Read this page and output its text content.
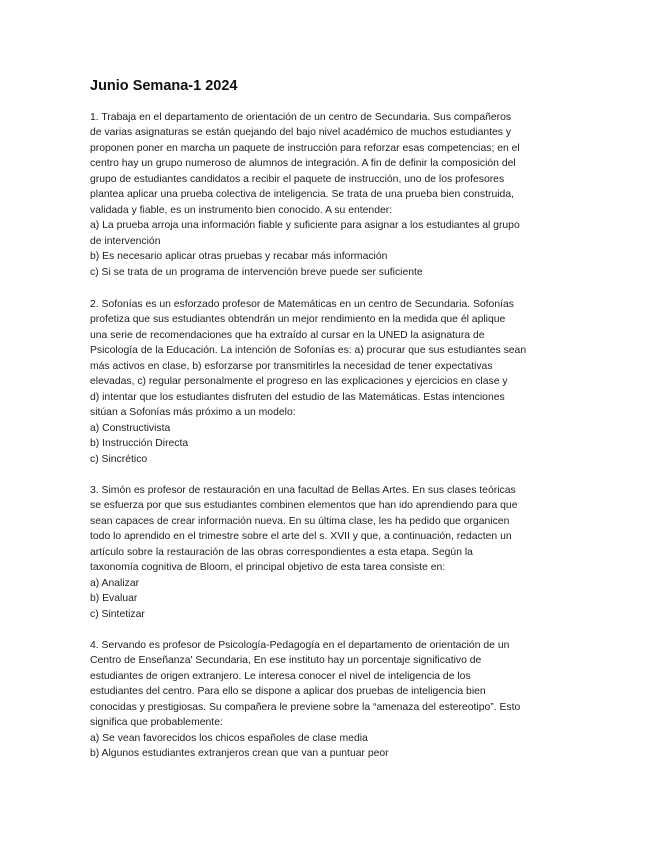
Junio Semana-1 2024
1. Trabaja en el departamento de orientación de un centro de Secundaria. Sus compañeros
de varias asignaturas se están quejando del bajo nivel académico de muchos estudiantes y
proponen poner en marcha un paquete de instrucción para reforzar esas competencias; en el
centro hay un grupo numeroso de alumnos de integración. A fin de definir la composición del
grupo de estudiantes candidatos a recibir el paquete de instrucción, uno de los profesores
plantea aplicar una prueba colectiva de inteligencia. Se trata de una prueba bien construida,
validada y fiable, es un instrumento bien conocido. A su entender:
a) La prueba arroja una información fiable y suficiente para asignar a los estudiantes al grupo
de intervención
b) Es necesario aplicar otras pruebas y recabar más información
c) Si se trata de un programa de intervención breve puede ser suficiente
2. Sofonías es un esforzado profesor de Matemáticas en un centro de Secundaria. Sofonías
profetiza que sus estudiantes obtendrán un mejor rendimiento en la medida que él aplique
una serie de recomendaciones que ha extraído al cursar en la UNED la asignatura de
Psicología de la Educación. La intención de Sofonías es: a) procurar que sus estudiantes sean
más activos en clase, b) esforzarse por transmitirles la necesidad de tener expectativas
elevadas, c) regular personalmente el progreso en las explicaciones y ejercicios en clase y
d) intentar que los estudiantes disfruten del estudio de las Matemáticas. Estas intenciones
sitúan a Sofonías más próximo a un modelo:
a) Constructivista
b) Instrucción Directa
c) Sincrético
3. Simón es profesor de restauración en una facultad de Bellas Artes. En sus clases teóricas
se esfuerza por que sus estudiantes combinen elementos que han ido aprendiendo para que
sean capaces de crear información nueva. En su última clase, les ha pedido que organicen
todo lo aprendido en el trimestre sobre el arte del s. XVII y que, a continuación, redacten un
artículo sobre la restauración de las obras correspondientes a esta etapa. Según la
taxonomía cognitiva de Bloom, el principal objetivo de esta tarea consiste en:
a) Analizar
b) Evaluar
c) Sintetizar
4. Servando es profesor de Psicología-Pedagogía en el departamento de orientación de un
Centro de Enseñanza' Secundaria, En ese instituto hay un porcentaje significativo de
estudiantes de origen extranjero. Le interesa conocer el nivel de inteligencia de los
estudiantes del centro. Para ello se dispone a aplicar dos pruebas de inteligencia bien
conocidas y prestigiosas. Su compañera le previene sobre la “amenaza del estereotipo”. Esto
significa que probablemente:
a) Se vean favorecidos los chicos españoles de clase media
b) Algunos estudiantes extranjeros crean que van a puntuar peor
